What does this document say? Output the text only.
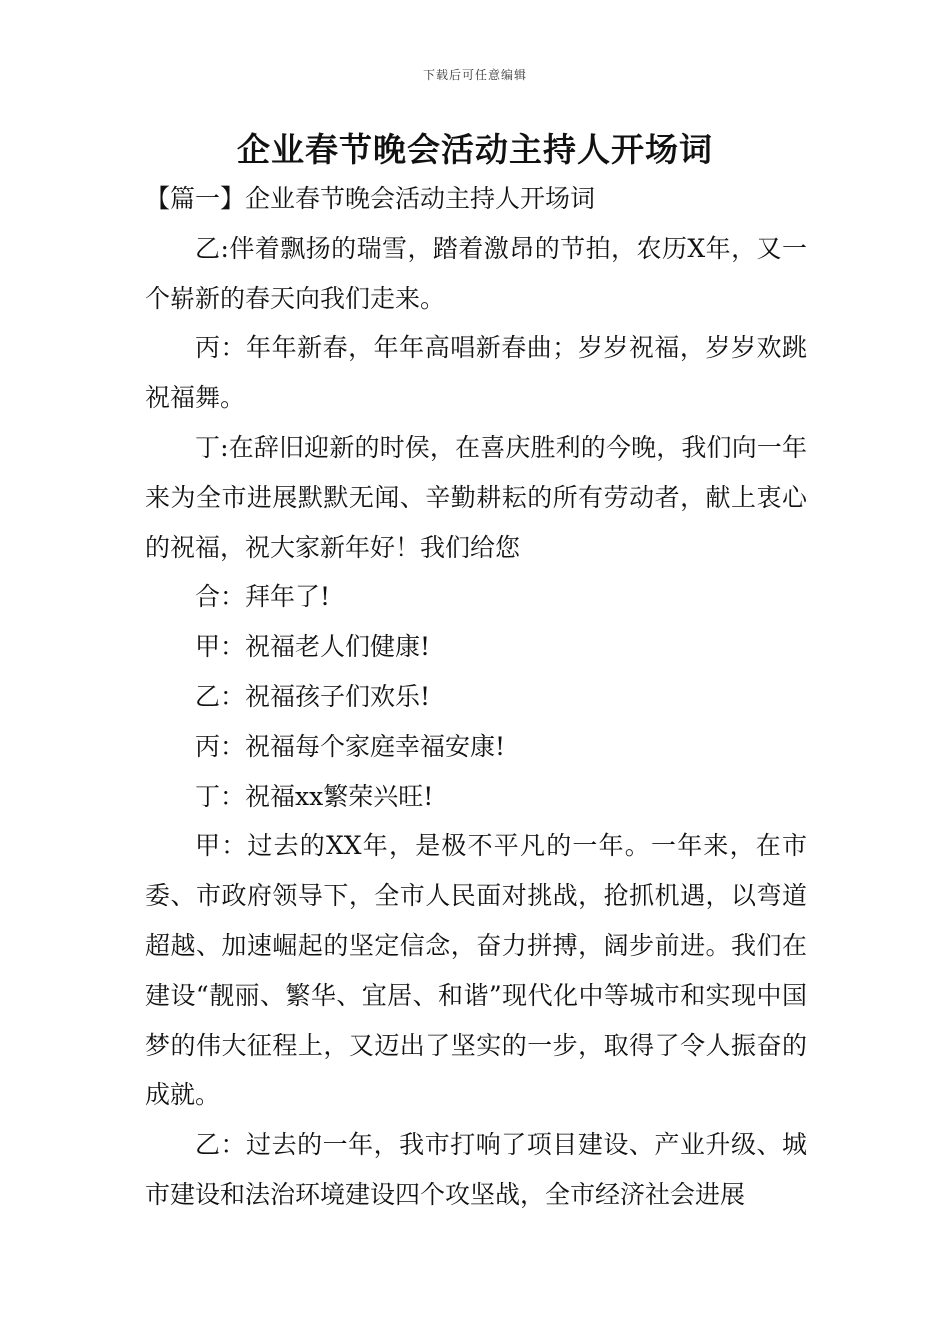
下载后可任意编辑
企业春节晚会活动主持人开场词

【篇一】企业春节晚会活动主持人开场词

乙:伴着飘扬的瑞雪，踏着激昂的节拍，农历X年，又一个崭新的春天向我们走来。

丙：年年新春，年年高唱新春曲；岁岁祝福，岁岁欢跳祝福舞。

丁:在辞旧迎新的时侯，在喜庆胜利的今晚，我们向一年来为全市进展默默无闻、辛勤耕耘的所有劳动者，献上衷心的祝福，祝大家新年好！我们给您

合：拜年了!

甲：祝福老人们健康!

乙：祝福孩子们欢乐!

丙：祝福每个家庭幸福安康!

丁：祝福xx繁荣兴旺!

甲：过去的XX年，是极不平凡的一年。一年来，在市委、市政府领导下，全市人民面对挑战，抢抓机遇，以弯道超越、加速崛起的坚定信念，奋力拼搏，阔步前进。我们在建设“靓丽、繁华、宜居、和谐”现代化中等城市和实现中国梦的伟大征程上，又迈出了坚实的一步，取得了令人振奋的成就。

乙：过去的一年，我市打响了项目建设、产业升级、城市建设和法治环境建设四个攻坚战，全市经济社会进展
